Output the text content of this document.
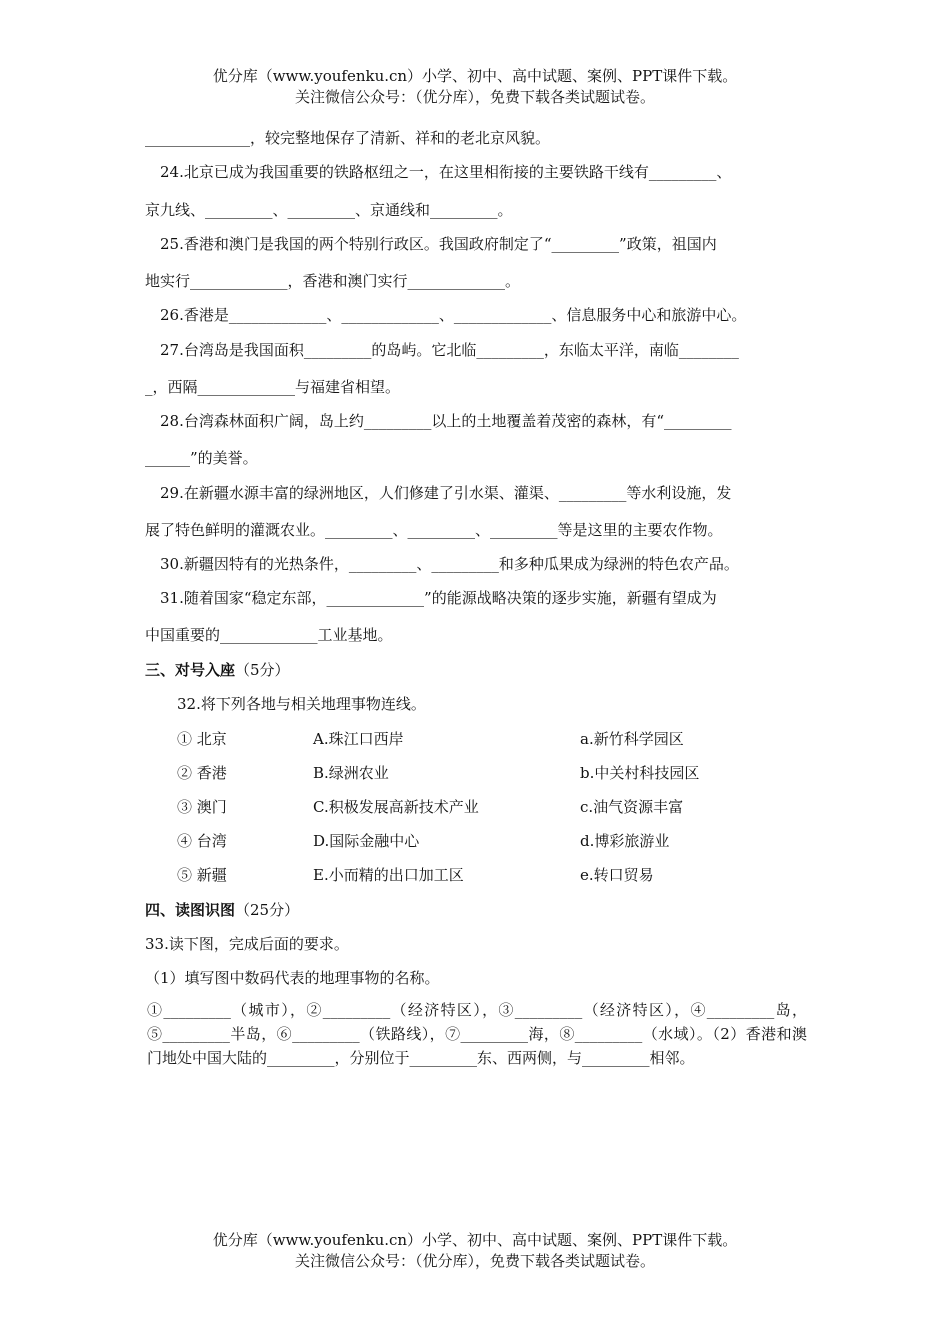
优分库（www.youfenku.cn）小学、初中、高中试题、案例、PPT课件下载。
关注微信公众号：（优分库），免费下载各类试题试卷。
______________，较完整地保存了清新、祥和的老北京风貌。
24.北京已成为我国重要的铁路枢纽之一，在这里相衔接的主要铁路干线有_________、
京九线、_________、_________、京通线和_________。
25.香港和澳门是我国的两个特别行政区。我国政府制定了“_________”政策，祖国内
地实行_____________，香港和澳门实行_____________。
26.香港是_____________、_____________、_____________、信息服务中心和旅游中心。
27.台湾岛是我国面积_________的岛屿。它北临_________，东临太平洋，南临________
_，西隔_____________与福建省相望。
28.台湾森林面积广阔，岛上约_________以上的土地覆盖着茂密的森林，有“_________
______”的美誉。
29.在新疆水源丰富的绿洲地区，人们修建了引水渠、灌渠、_________等水利设施，发
展了特色鲜明的灌溉农业。_________、_________、_________等是这里的主要农作物。
30.新疆因特有的光热条件，_________、_________和多种瓜果成为绿洲的特色农产品。
31.随着国家“稳定东部，_____________”的能源战略决策的逐步实施，新疆有望成为
中国重要的_____________工业基地。
三、对号入座（5分）
32.将下列各地与相关地理事物连线。
① 北京	A.珠江口西岸	a.新竹科学园区
② 香港	B.绿洲农业	b.中关村科技园区
③ 澳门	C.积极发展高新技术产业	c.油气资源丰富
④ 台湾	D.国际金融中心	d.博彩旅游业
⑤ 新疆	E.小而精的出口加工区	e.转口贸易
四、读图识图（25分）
33.读下图，完成后面的要求。
（1）填写图中数码代表的地理事物的名称。
①_________（城市），②_________（经济特区），③_________（经济特区），④_________岛，⑤_________半岛，⑥_________（铁路线），⑦_________海，⑧_________（水域）。（2）香港和澳门地处中国大陆的_________，分别位于_________东、西两侧，与_________相邻。
优分库（www.youfenku.cn）小学、初中、高中试题、案例、PPT课件下载。
关注微信公众号：（优分库），免费下载各类试题试卷。
